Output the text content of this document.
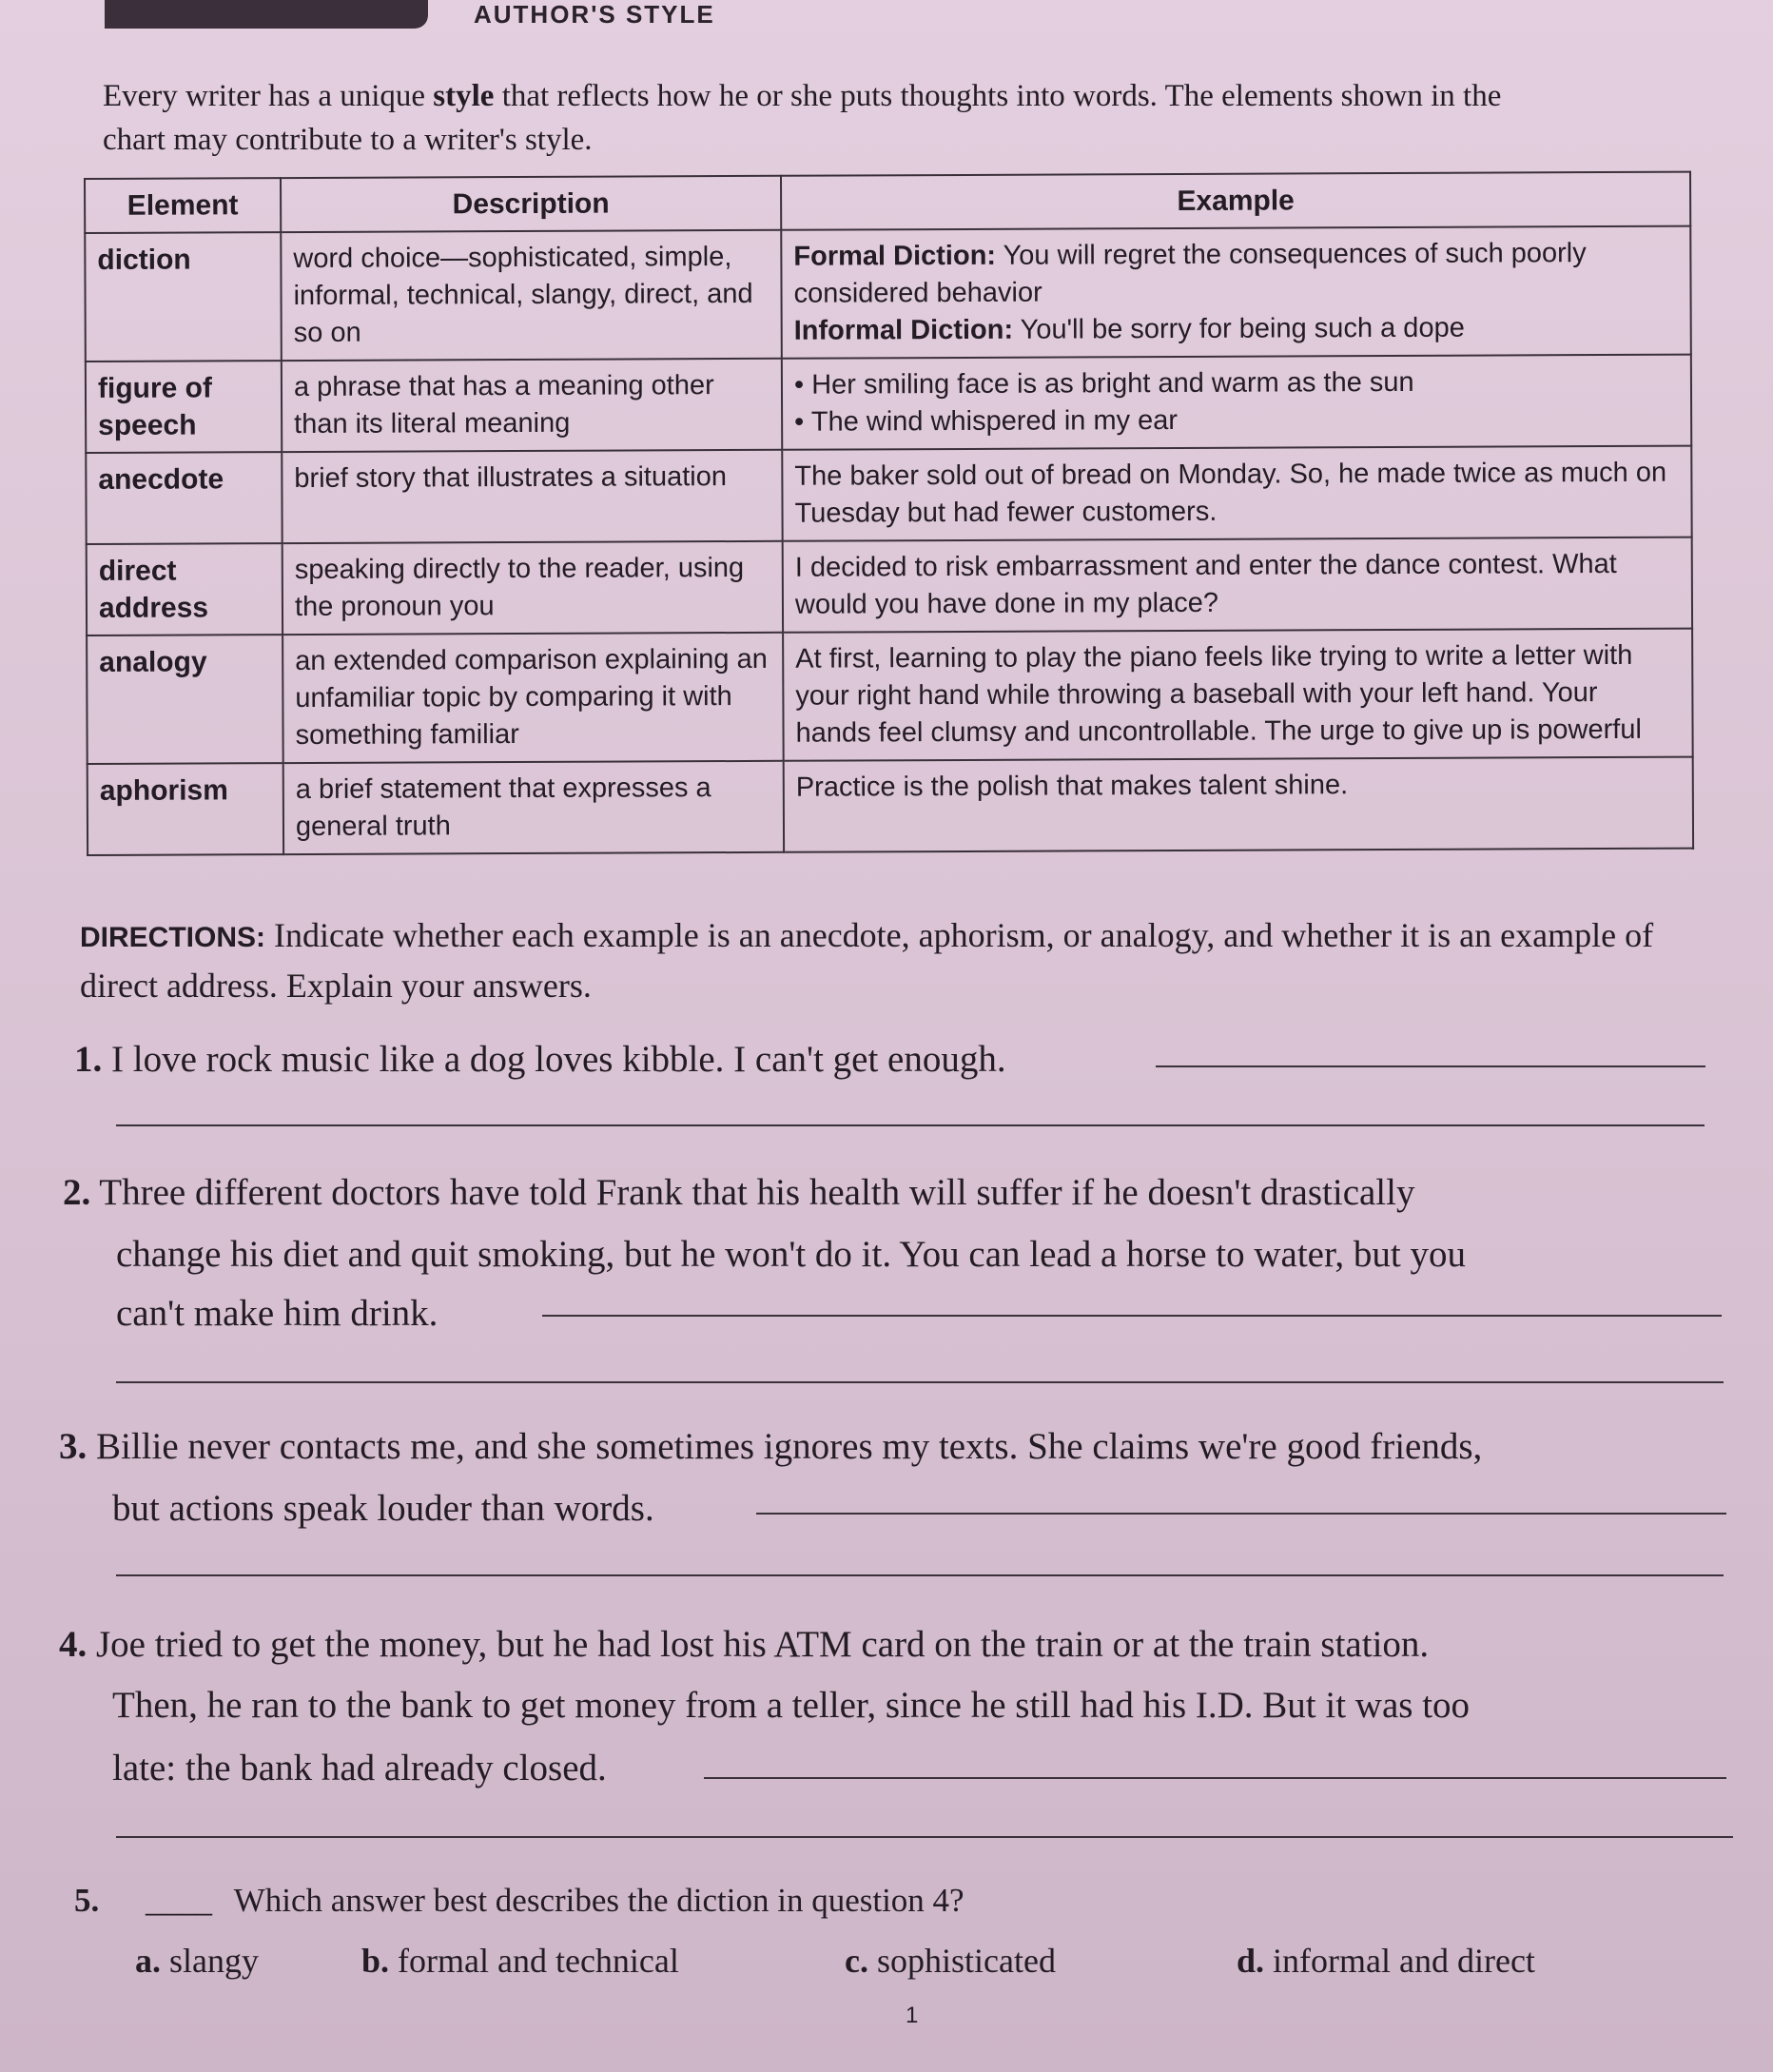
AUTHOR'S STYLE
Every writer has a unique style that reflects how he or she puts thoughts into words. The elements shown in the chart may contribute to a writer's style.
Element	Description	Example
diction	word choice—sophisticated, simple, informal, technical, slangy, direct, and so on	Formal Diction: You will regret the consequences of such poorly considered behavior
Informal Diction: You'll be sorry for being such a dope

figure of speech	a phrase that has a meaning other than its literal meaning	• Her smiling face is as bright and warm as the sun
• The wind whispered in my ear

anecdote	brief story that illustrates a situation	The baker sold out of bread on Monday. So, he made twice as much on Tuesday but had fewer customers.
direct address	speaking directly to the reader, using the pronoun you	I decided to risk embarrassment and enter the dance contest. What would you have done in my place?
analogy	an extended comparison explaining an unfamiliar topic by comparing it with something familiar	At first, learning to play the piano feels like trying to write a letter with your right hand while throwing a baseball with your left hand. Your hands feel clumsy and uncontrollable. The urge to give up is powerful
aphorism	a brief statement that expresses a general truth	Practice is the polish that makes talent shine.
DIRECTIONS: Indicate whether each example is an anecdote, aphorism, or analogy, and whether it is an example of direct address. Explain your answers.
1. I love rock music like a dog loves kibble. I can't get enough.
2. Three different doctors have told Frank that his health will suffer if he doesn't drastically
change his diet and quit smoking, but he won't do it. You can lead a horse to water, but you
can't make him drink.
3. Billie never contacts me, and she sometimes ignores my texts. She claims we're good friends,
but actions speak louder than words.
4. Joe tried to get the money, but he had lost his ATM card on the train or at the train station.
Then, he ran to the bank to get money from a teller, since he still had his I.D. But it was too
late: the bank had already closed.
5. ____ Which answer best describes the diction in question 4?
a. slangy	b. formal and technical	c. sophisticated	d. informal and direct
1
